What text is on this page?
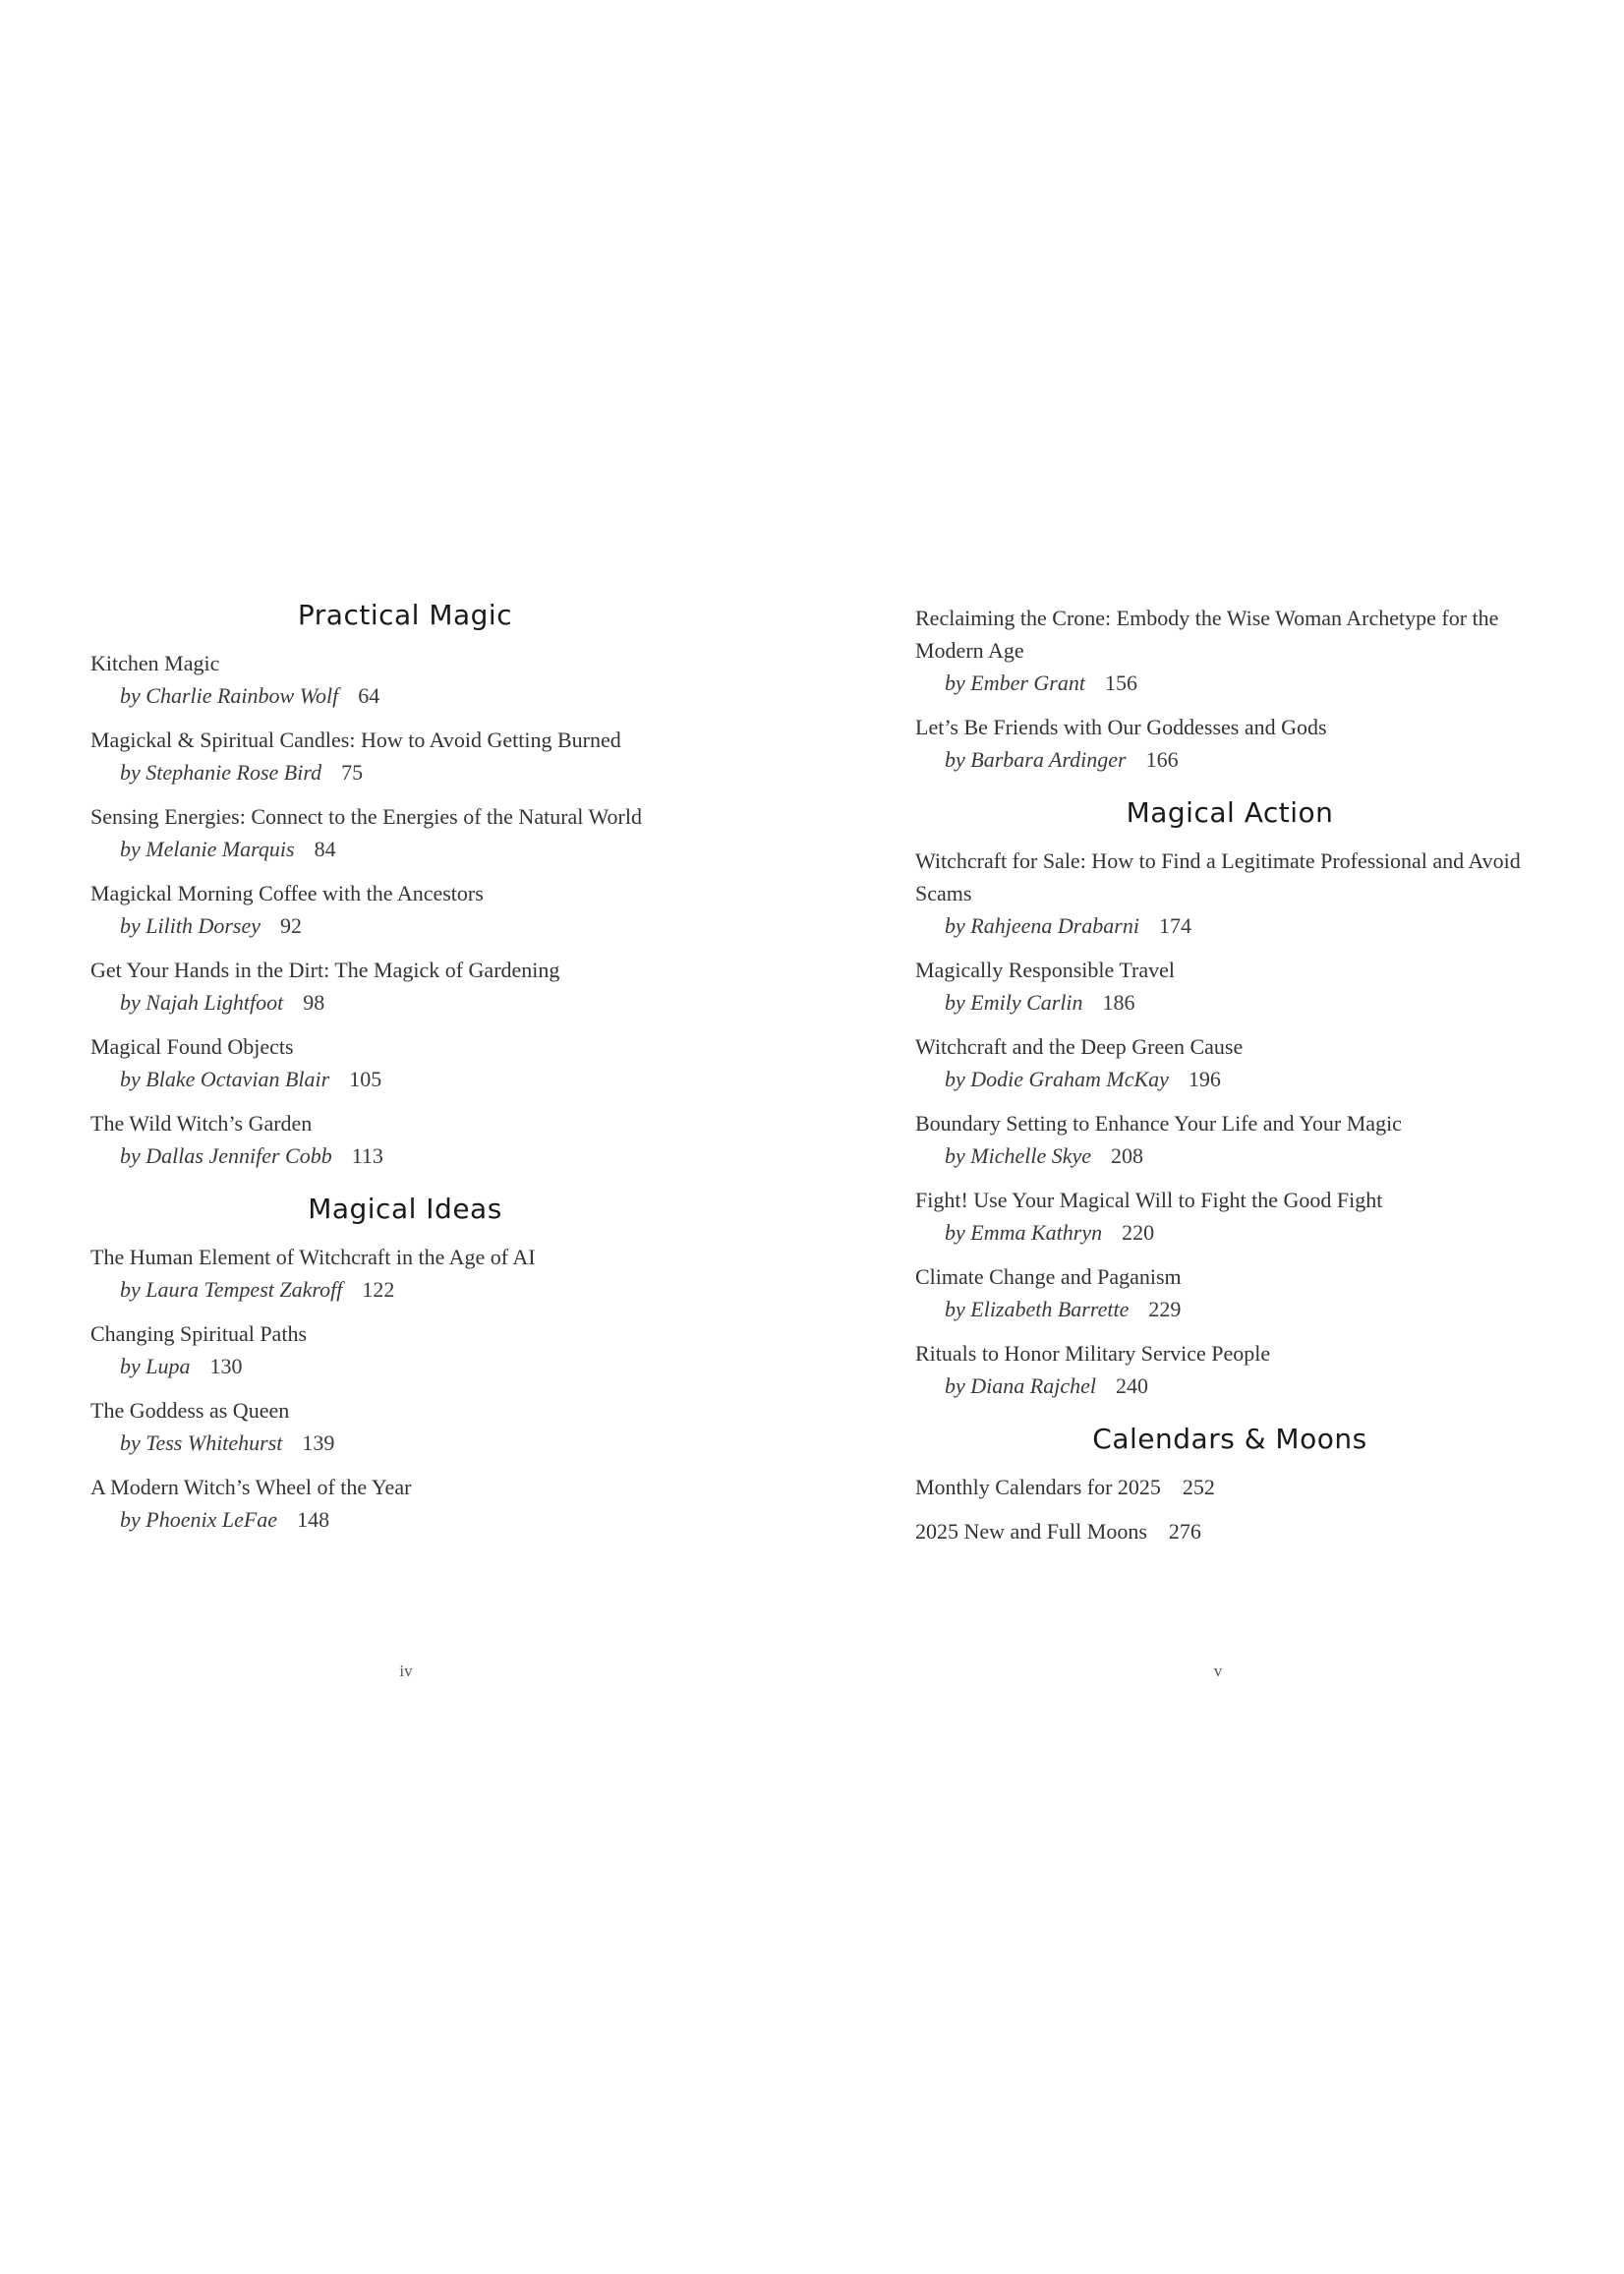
Practical Magic
Kitchen Magic
by Charlie Rainbow Wolf 64
Magickal & Spiritual Candles: How to Avoid Getting Burned
by Stephanie Rose Bird 75
Sensing Energies: Connect to the Energies of the Natural World
by Melanie Marquis 84
Magickal Morning Coffee with the Ancestors
by Lilith Dorsey 92
Get Your Hands in the Dirt: The Magick of Gardening
by Najah Lightfoot 98
Magical Found Objects
by Blake Octavian Blair 105
The Wild Witch’s Garden
by Dallas Jennifer Cobb 113
Magical Ideas
The Human Element of Witchcraft in the Age of AI
by Laura Tempest Zakroff 122
Changing Spiritual Paths
by Lupa 130
The Goddess as Queen
by Tess Whitehurst 139
A Modern Witch’s Wheel of the Year
by Phoenix LeFae 148
iv
Reclaiming the Crone: Embody the Wise Woman Archetype for the Modern Age
by Ember Grant 156
Let’s Be Friends with Our Goddesses and Gods
by Barbara Ardinger 166
Magical Action
Witchcraft for Sale: How to Find a Legitimate Professional and Avoid Scams
by Rahjeena Drabarni 174
Magically Responsible Travel
by Emily Carlin 186
Witchcraft and the Deep Green Cause
by Dodie Graham McKay 196
Boundary Setting to Enhance Your Life and Your Magic
by Michelle Skye 208
Fight! Use Your Magical Will to Fight the Good Fight
by Emma Kathryn 220
Climate Change and Paganism
by Elizabeth Barrette 229
Rituals to Honor Military Service People
by Diana Rajchel 240
Calendars & Moons
Monthly Calendars for 2025 252
2025 New and Full Moons 276
v
